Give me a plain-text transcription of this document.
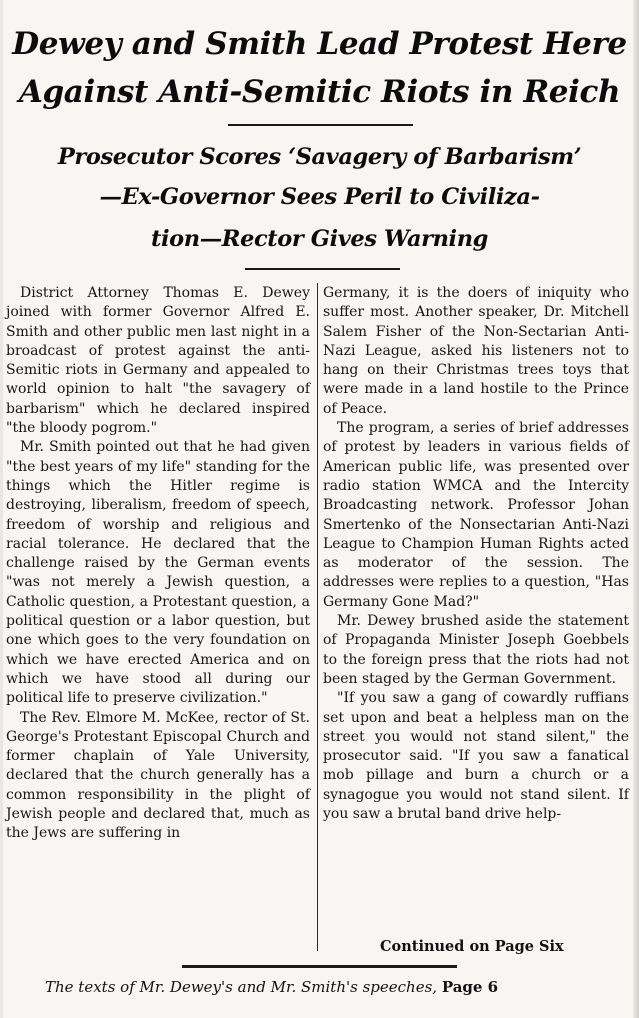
Dewey and Smith Lead Protest Here
Against Anti-Semitic Riots in Reich
Prosecutor Scores ‘Savagery of Barbarism’
—Ex-Governor Sees Peril to Civiliza-
tion—Rector Gives Warning

District Attorney Thomas E. Dewey joined with former Governor Alfred E. Smith and other public men last night in a broadcast of protest against the anti-Semitic riots in Germany and appealed to world opinion to halt "the savagery of barbarism" which he declared inspired "the bloody pogrom."

Mr. Smith pointed out that he had given "the best years of my life" standing for the things which the Hitler regime is destroying, liberalism, freedom of speech, freedom of worship and religious and racial tolerance. He declared that the challenge raised by the German events "was not merely a Jewish question, a Catholic question, a Protestant question, a political question or a labor question, but one which goes to the very foundation on which we have erected America and on which we have stood all during our political life to preserve civilization."

The Rev. Elmore M. McKee, rector of St. George's Protestant Episcopal Church and former chaplain of Yale University, declared that the church generally has a common responsibility in the plight of Jewish people and declared that, much as the Jews are suffering in

Germany, it is the doers of iniquity who suffer most. Another speaker, Dr. Mitchell Salem Fisher of the Non-Sectarian Anti-Nazi League, asked his listeners not to hang on their Christmas trees toys that were made in a land hostile to the Prince of Peace.

The program, a series of brief addresses of protest by leaders in various fields of American public life, was presented over radio station WMCA and the Intercity Broadcasting network. Professor Johan Smertenko of the Nonsectarian Anti-Nazi League to Champion Human Rights acted as moderator of the session. The addresses were replies to a question, "Has Germany Gone Mad?"

Mr. Dewey brushed aside the statement of Propaganda Minister Joseph Goebbels to the foreign press that the riots had not been staged by the German Government.

"If you saw a gang of cowardly ruffians set upon and beat a helpless man on the street you would not stand silent," the prosecutor said. "If you saw a fanatical mob pillage and burn a church or a synagogue you would not stand silent. If you saw a brutal band drive help-

Continued on Page Six
The texts of Mr. Dewey's and Mr. Smith's speeches, Page 6
